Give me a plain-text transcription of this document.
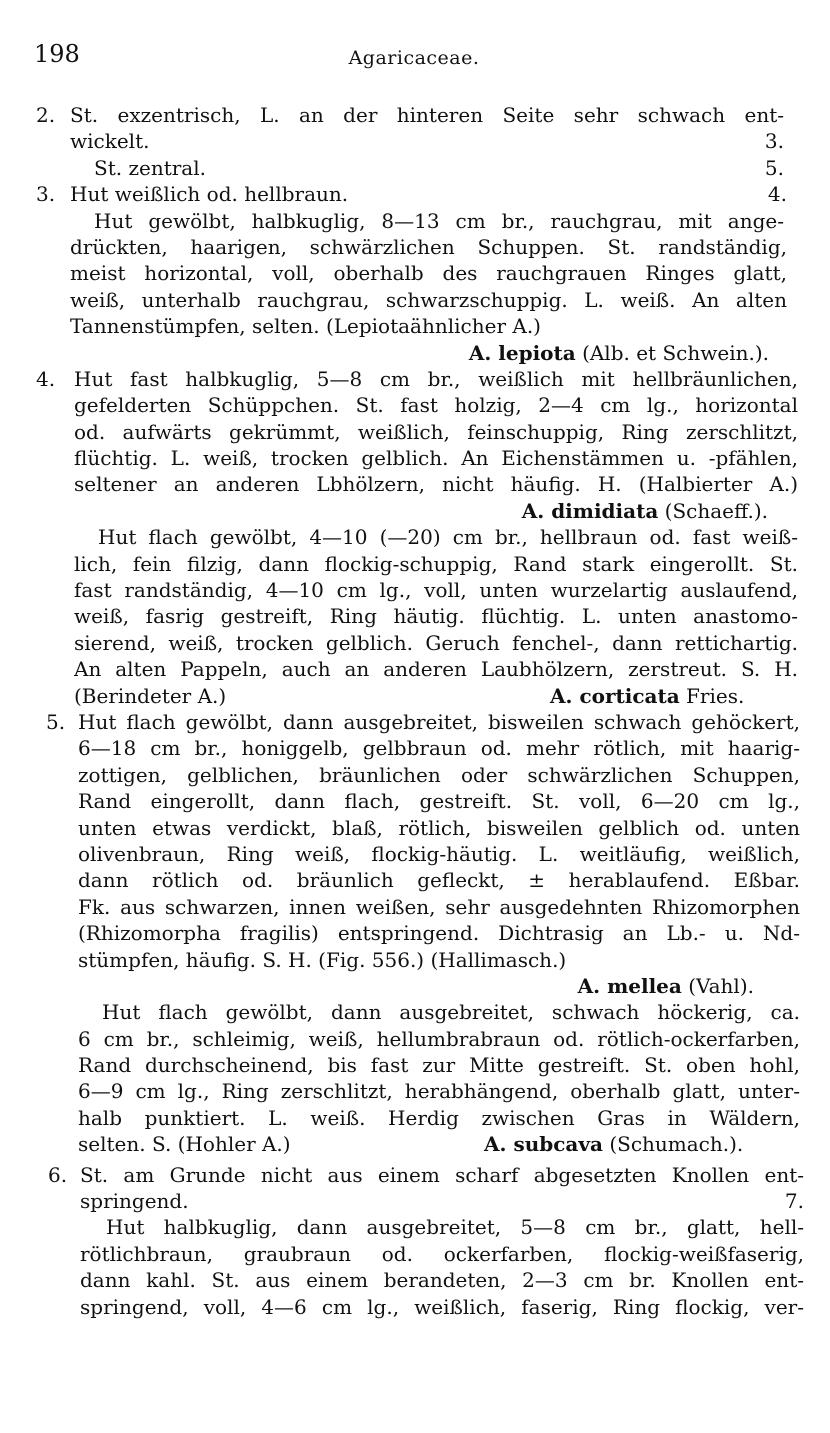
198	Agaricaceae.
2. St. exzentrisch, L. an der hinteren Seite sehr schwach ent-
wickelt.	3.
St. zentral.	5.
3. Hut weißlich od. hellbraun.	4.
Hut gewölbt, halbkuglig, 8—13 cm br., rauchgrau, mit ange-
drückten, haarigen, schwärzlichen Schuppen. St. randständig,
meist horizontal, voll, oberhalb des rauchgrauen Ringes glatt,
weiß, unterhalb rauchgrau, schwarzschuppig. L. weiß. An alten
Tannenstümpfen, selten. (Lepiotaähnlicher A.)
A. lepiota (Alb. et Schwein.).
4. Hut fast halbkuglig, 5—8 cm br., weißlich mit hellbräunlichen,
gefelderten Schüppchen. St. fast holzig, 2—4 cm lg., horizontal
od. aufwärts gekrümmt, weißlich, feinschuppig, Ring zerschlitzt,
flüchtig. L. weiß, trocken gelblich. An Eichenstämmen u. -pfählen,
seltener an anderen Lbhölzern, nicht häufig. H. (Halbierter A.)
A. dimidiata (Schaeff.).
Hut flach gewölbt, 4—10 (—20) cm br., hellbraun od. fast weiß-
lich, fein filzig, dann flockig-schuppig, Rand stark eingerollt. St.
fast randständig, 4—10 cm lg., voll, unten wurzelartig auslaufend,
weiß, fasrig gestreift, Ring häutig. flüchtig. L. unten anastomo-
sierend, weiß, trocken gelblich. Geruch fenchel-, dann rettichartig.
An alten Pappeln, auch an anderen Laubhölzern, zerstreut. S. H.
(Berindeter A.)	A. corticata Fries.
5. Hut flach gewölbt, dann ausgebreitet, bisweilen schwach gehöckert,
6—18 cm br., honiggelb, gelbbraun od. mehr rötlich, mit haarig-
zottigen, gelblichen, bräunlichen oder schwärzlichen Schuppen,
Rand eingerollt, dann flach, gestreift. St. voll, 6—20 cm lg.,
unten etwas verdickt, blaß, rötlich, bisweilen gelblich od. unten
olivenbraun, Ring weiß, flockig-häutig. L. weitläufig, weißlich,
dann rötlich od. bräunlich gefleckt, ± herablaufend. Eßbar.
Fk. aus schwarzen, innen weißen, sehr ausgedehnten Rhizomorphen
(Rhizomorpha fragilis) entspringend. Dichtrasig an Lb.- u. Nd-
stümpfen, häufig. S. H. (Fig. 556.) (Hallimasch.)
A. mellea (Vahl).
Hut flach gewölbt, dann ausgebreitet, schwach höckerig, ca.
6 cm br., schleimig, weiß, hellumbrabraun od. rötlich-ockerfarben,
Rand durchscheinend, bis fast zur Mitte gestreift. St. oben hohl,
6—9 cm lg., Ring zerschlitzt, herabhängend, oberhalb glatt, unter-
halb punktiert. L. weiß. Herdig zwischen Gras in Wäldern,
selten. S. (Hohler A.)	A. subcava (Schumach.).
6. St. am Grunde nicht aus einem scharf abgesetzten Knollen ent-
springend.	7.
Hut halbkuglig, dann ausgebreitet, 5—8 cm br., glatt, hell-
rötlichbraun, graubraun od. ockerfarben, flockig-weißfaserig,
dann kahl. St. aus einem berandeten, 2—3 cm br. Knollen ent-
springend, voll, 4—6 cm lg., weißlich, faserig, Ring flockig, ver-
